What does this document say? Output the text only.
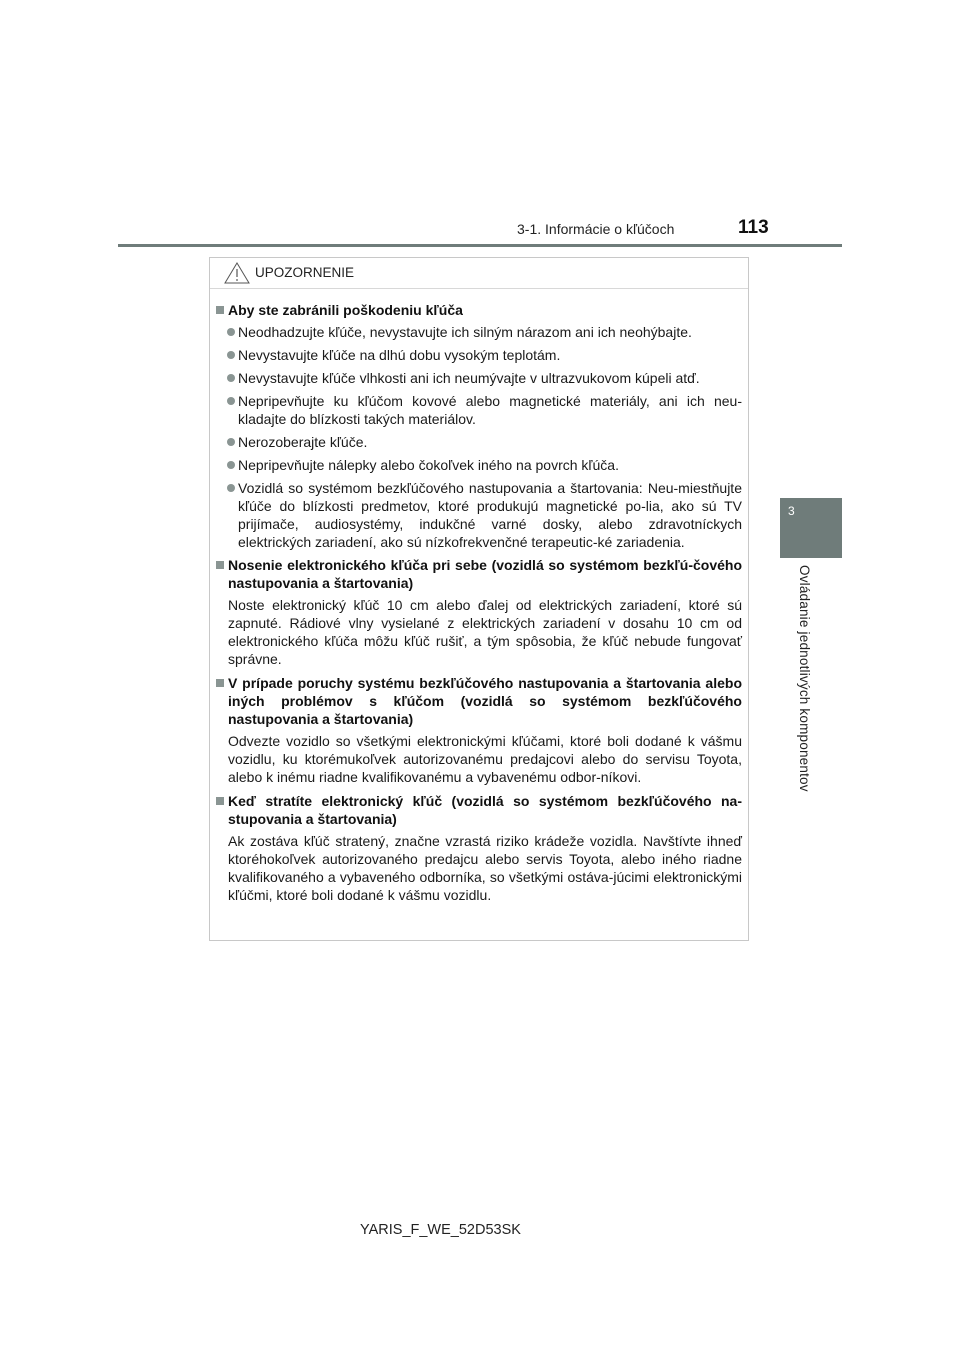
3-1. Informácie o kľúčoch	113
3
Ovládanie jednotlivých komponentov
UPOZORNENIE
Aby ste zabránili poškodeniu kľúča
Neodhadzujte kľúče, nevystavujte ich silným nárazom ani ich neohýbajte.
Nevystavujte kľúče na dlhú dobu vysokým teplotám.
Nevystavujte kľúče vlhkosti ani ich neumývajte v ultrazvukovom kúpeli atď.
Nepripevňujte ku kľúčom kovové alebo magnetické materiály, ani ich neu-kladajte do blízkosti takých materiálov.
Nerozoberajte kľúče.
Nepripevňujte nálepky alebo čokoľvek iného na povrch kľúča.
Vozidlá so systémom bezkľúčového nastupovania a štartovania: Neu-miestňujte kľúče do blízkosti predmetov, ktoré produkujú magnetické po-lia, ako sú TV prijímače, audiosystémy, indukčné varné dosky, alebo zdravotníckych elektrických zariadení, ako sú nízkofrekvenčné terapeutic-ké zariadenia.
Nosenie elektronického kľúča pri sebe (vozidlá so systémom bezkľú-čového nastupovania a štartovania)
Noste elektronický kľúč 10 cm alebo ďalej od elektrických zariadení, ktoré sú zapnuté. Rádiové vlny vysielané z elektrických zariadení v dosahu 10 cm od elektronického kľúča môžu kľúč rušiť, a tým spôsobia, že kľúč nebude fungovať správne.
V prípade poruchy systému bezkľúčového nastupovania a štartovania alebo iných problémov s kľúčom (vozidlá so systémom bezkľúčového nastupovania a štartovania)
Odvezte vozidlo so všetkými elektronickými kľúčami, ktoré boli dodané k vášmu vozidlu, ku ktorémukoľvek autorizovanému predajcovi alebo do servisu Toyota, alebo k inému riadne kvalifikovanému a vybavenému odbor-níkovi.
Keď stratíte elektronický kľúč (vozidlá so systémom bezkľúčového na-stupovania a štartovania)
Ak zostáva kľúč stratený, značne vzrastá riziko krádeže vozidla. Navštívte ihneď ktoréhokoľvek autorizovaného predajcu alebo servis Toyota, alebo iného riadne kvalifikovaného a vybaveného odborníka, so všetkými ostáva-júcimi elektronickými kľúčmi, ktoré boli dodané k vášmu vozidlu.
YARIS_F_WE_52D53SK
